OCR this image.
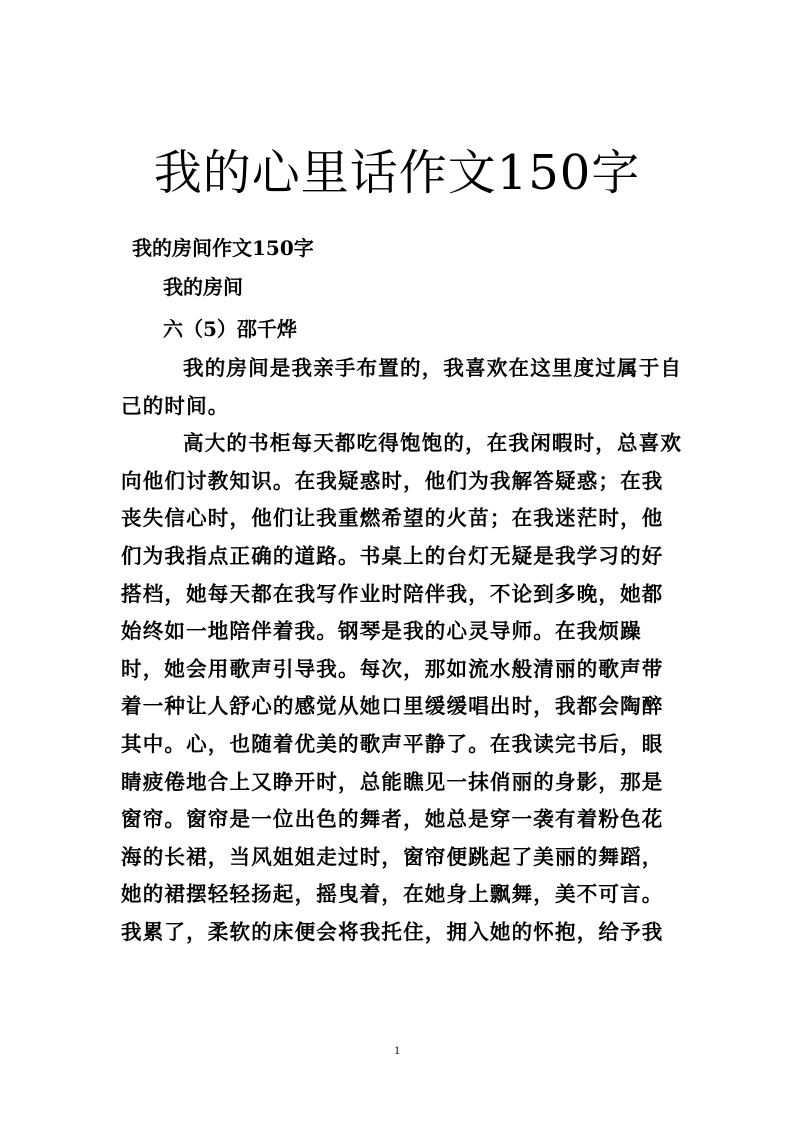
我的心里话作文150字
我的房间作文150字
我的房间
六（5）邵千烨
我的房间是我亲手布置的，我喜欢在这里度过属于自
己的时间。
高大的书柜每天都吃得饱饱的，在我闲暇时，总喜欢
向他们讨教知识。在我疑惑时，他们为我解答疑惑；在我
丧失信心时，他们让我重燃希望的火苗；在我迷茫时，他
们为我指点正确的道路。书桌上的台灯无疑是我学习的好
搭档，她每天都在我写作业时陪伴我，不论到多晚，她都
始终如一地陪伴着我。钢琴是我的心灵导师。在我烦躁
时，她会用歌声引导我。每次，那如流水般清丽的歌声带
着一种让人舒心的感觉从她口里缓缓唱出时，我都会陶醉
其中。心，也随着优美的歌声平静了。在我读完书后，眼
睛疲倦地合上又睁开时，总能瞧见一抹俏丽的身影，那是
窗帘。窗帘是一位出色的舞者，她总是穿一袭有着粉色花
海的长裙，当风姐姐走过时，窗帘便跳起了美丽的舞蹈，
她的裙摆轻轻扬起，摇曳着，在她身上飘舞，美不可言。
我累了，柔软的床便会将我托住，拥入她的怀抱，给予我
1
